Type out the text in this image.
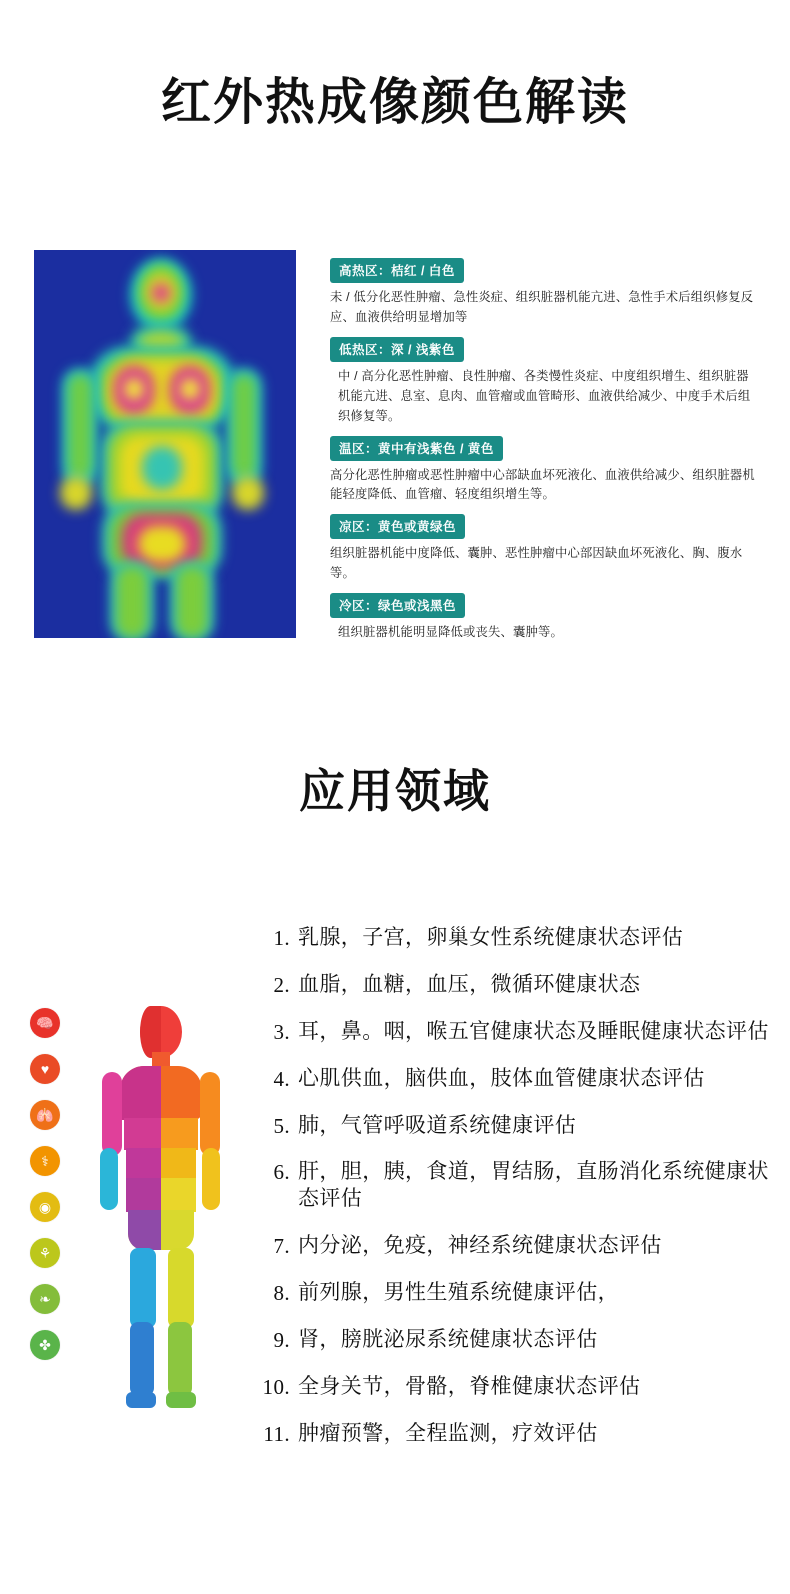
红外热成像颜色解读
高热区：桔红 / 白色
未 / 低分化恶性肿瘤、急性炎症、组织脏器机能亢进、急性手术后组织修复反应、血液供给明显增加等
低热区：深 / 浅紫色
中 / 高分化恶性肿瘤、良性肿瘤、各类慢性炎症、中度组织增生、组织脏器机能亢进、息室、息肉、血管瘤或血管畸形、血液供给减少、中度手术后组织修复等。
温区：黄中有浅紫色 / 黄色
高分化恶性肿瘤或恶性肿瘤中心部缺血坏死液化、血液供给减少、组织脏器机能轻度降低、血管瘤、轻度组织增生等。
凉区：黄色或黄绿色
组织脏器机能中度降低、囊肿、恶性肿瘤中心部因缺血坏死液化、胸、腹水等。
冷区：绿色或浅黑色
组织脏器机能明显降低或丧失、囊肿等。
应用领域
🧠
♥
🫁
⚕
◉
⚘
❧
✤
1. 乳腺，子宫，卵巢女性系统健康状态评估
2. 血脂，血糖，血压，微循环健康状态
3. 耳，鼻。咽，喉五官健康状态及睡眠健康状态评估
4. 心肌供血，脑供血，肢体血管健康状态评估
5. 肺，气管呼吸道系统健康评估
6. 肝，胆，胰，食道，胃结肠，直肠消化系统健康状态评估
7. 内分泌，免疫，神经系统健康状态评估
8. 前列腺，男性生殖系统健康评估，
9. 肾，膀胱泌尿系统健康状态评估
10. 全身关节，骨骼，脊椎健康状态评估
11. 肿瘤预警，全程监测，疗效评估
